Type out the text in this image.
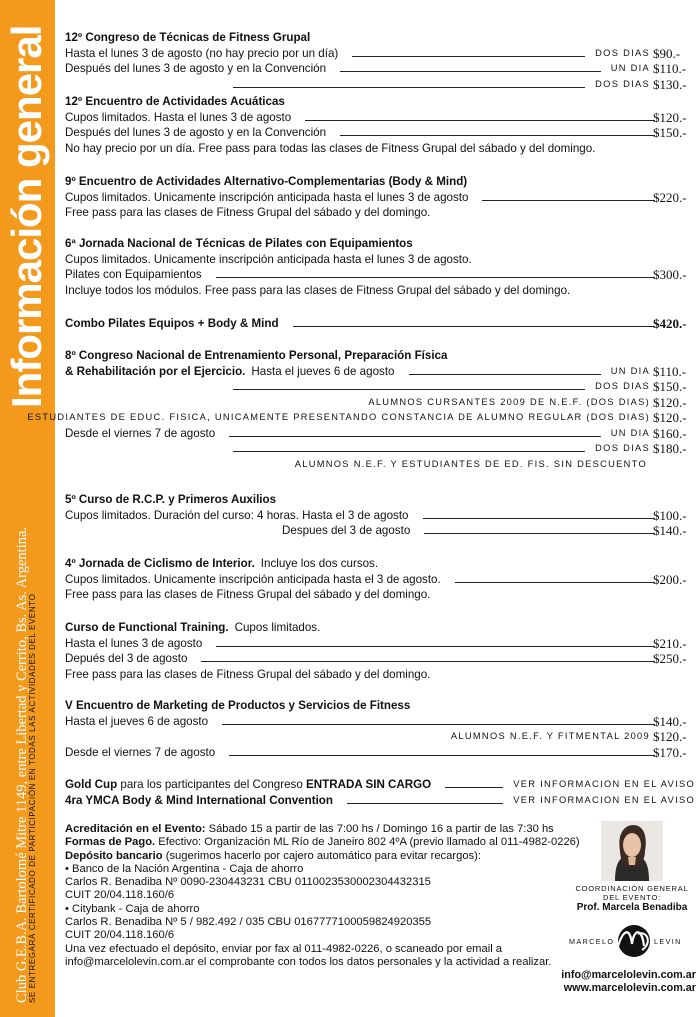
Información general
Club G.E.B.A. Bartolomé Mitre 1149, entre Libertad y Cerrito, Bs. As. Argentina.
SE ENTREGARÁ CERTIFICADO DE PARTICIPACIÓN EN TODAS LAS ACTIVIDADES DEL EVENTO
12º Congreso de Técnicas de Fitness Grupal
Hasta el lunes 3 de agosto (no hay precio por un día)	DOS DIAS $90.-
Después del lunes 3 de agosto y en la Convención	UN DIA $110.-
DOS DIAS $130.-
12º Encuentro de Actividades Acuáticas
Cupos limitados. Hasta el lunes 3 de agosto	$120.-
Después del lunes 3 de agosto y en la Convención	$150.-
No hay precio por un día. Free pass para todas las clases de Fitness Grupal del sábado y del domingo.
9º Encuentro de Actividades Alternativo-Complementarias (Body & Mind)
Cupos limitados. Unicamente inscripción anticipada hasta el lunes 3 de agosto	$220.-
Free pass para las clases de Fitness Grupal del sábado y del domingo.
6ª Jornada Nacional de Técnicas de Pilates con Equipamientos
Cupos limitados. Unicamente inscripción anticipada hasta el lunes 3 de agosto.
Pilates con Equipamientos	$300.-
Incluye todos los módulos. Free pass para las clases de Fitness Grupal del sábado y del domingo.
Combo Pilates Equipos + Body & Mind	$420.-
8º Congreso Nacional de Entrenamiento Personal, Preparación Física
& Rehabilitación por el Ejercicio. Hasta el jueves 6 de agosto	UN DIA $110.-
DOS DIAS $150.-
ALUMNOS CURSANTES 2009 DE N.E.F. (DOS DIAS) $120.-
ESTUDIANTES DE EDUC. FISICA, UNICAMENTE PRESENTANDO CONSTANCIA DE ALUMNO REGULAR (DOS DIAS) $120.-
Desde el viernes 7 de agosto	UN DIA $160.-
DOS DIAS $180.-
ALUMNOS N.E.F. Y ESTUDIANTES DE ED. FIS. SIN DESCUENTO
5º Curso de R.C.P. y Primeros Auxilios
Cupos limitados. Duración del curso: 4 horas. Hasta el 3 de agosto	$100.-
Despues del 3 de agosto	$140.-
4º Jornada de Ciclismo de Interior. Incluye los dos cursos.
Cupos limitados. Unicamente inscripción anticipada hasta el 3 de agosto.	$200.-
Free pass para las clases de Fitness Grupal del sábado y del domingo.
Curso de Functional Training. Cupos limitados.
Hasta el lunes 3 de agosto	$210.-
Depués del 3 de agosto	$250.-
Free pass para las clases de Fitness Grupal del sábado y del domingo.
V Encuentro de Marketing de Productos y Servicios de Fitness
Hasta el jueves 6 de agosto	$140.-
ALUMNOS N.E.F. Y FITMENTAL 2009 $120.-
Desde el viernes 7 de agosto	$170.-
Gold Cup para los participantes del Congreso ENTRADA SIN CARGO	VER INFORMACION EN EL AVISO
4ra YMCA Body & Mind International Convention	VER INFORMACION EN EL AVISO
Acreditación en el Evento: Sábado 15 a partir de las 7:00 hs / Domingo 16 a partir de las 7:30 hs
Formas de Pago. Efectivo: Organización ML Río de Janeiro 802 4ºA (previo llamado al 011-4982-0226)
Depósito bancario (sugerimos hacerlo por cajero automático para evitar recargos):
• Banco de la Nación Argentina - Caja de ahorro
Carlos R. Benadiba Nº 0090-230443231 CBU 0110023530002304432315
CUIT 20/04.118.160/6
• Citybank - Caja de ahorro
Carlos R. Benadiba Nº 5 / 982.492 / 035 CBU 0167777100059824920355
CUIT 20/04.118.160/6
Una vez efectuado el depósito, enviar por fax al 011-4982-0226, o scaneado por email a
info@marcelolevin.com.ar el comprobante con todos los datos personales y la actividad a realizar.
COORDINACIÓN GENERAL DEL EVENTO:
Prof. Marcela Benadiba
MARCELO	LEVIN
info@marcelolevin.com.ar
www.marcelolevin.com.ar
